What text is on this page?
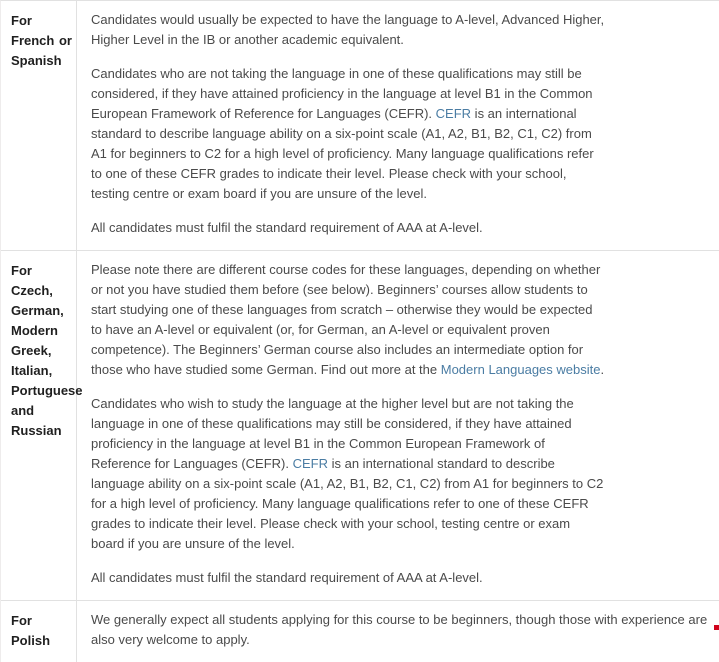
For French or Spanish

Candidates would usually be expected to have the language to A-level, Advanced Higher, Higher Level in the IB or another academic equivalent.

Candidates who are not taking the language in one of these qualifications may still be considered, if they have attained proficiency in the language at level B1 in the Common European Framework of Reference for Languages (CEFR). CEFR is an international standard to describe language ability on a six-point scale (A1, A2, B1, B2, C1, C2) from A1 for beginners to C2 for a high level of proficiency. Many language qualifications refer to one of these CEFR grades to indicate their level. Please check with your school, testing centre or exam board if you are unsure of the level.

All candidates must fulfil the standard requirement of AAA at A-level.

For Czech, German, Modern Greek, Italian, Portuguese and Russian

Please note there are different course codes for these languages, depending on whether or not you have studied them before (see below). Beginners’ courses allow students to start studying one of these languages from scratch – otherwise they would be expected to have an A-level or equivalent (or, for German, an A-level or equivalent proven competence). The Beginners’ German course also includes an intermediate option for those who have studied some German. Find out more at the Modern Languages website.

Candidates who wish to study the language at the higher level but are not taking the language in one of these qualifications may still be considered, if they have attained proficiency in the language at level B1 in the Common European Framework of Reference for Languages (CEFR). CEFR is an international standard to describe language ability on a six-point scale (A1, A2, B1, B2, C1, C2) from A1 for beginners to C2 for a high level of proficiency. Many language qualifications refer to one of these CEFR grades to indicate their level. Please check with your school, testing centre or exam board if you are unsure of the level.

All candidates must fulfil the standard requirement of AAA at A-level.

For Polish

We generally expect all students applying for this course to be beginners, though those with experience are also very welcome to apply.
